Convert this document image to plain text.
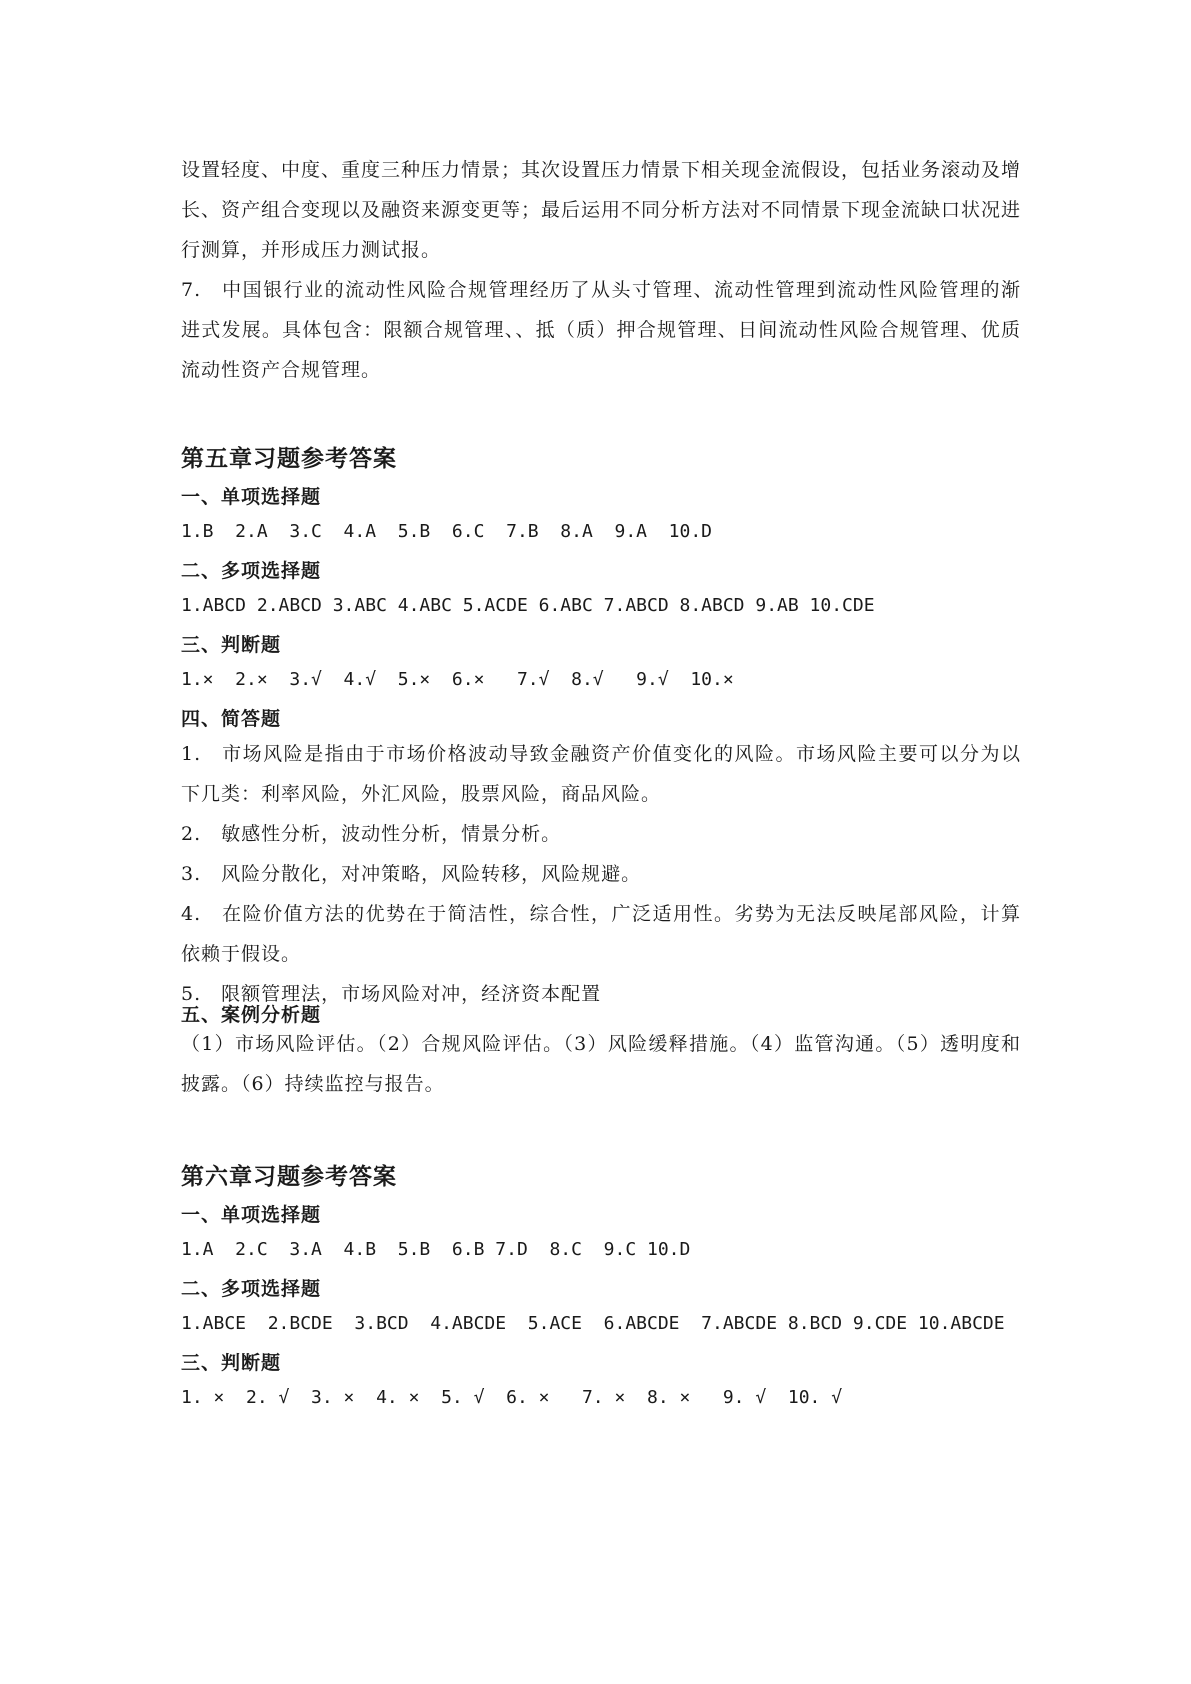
设置轻度、中度、重度三种压力情景；其次设置压力情景下相关现金流假设，包括业务滚动及增长、资产组合变现以及融资来源变更等；最后运用不同分析方法对不同情景下现金流缺口状况进行测算，并形成压力测试报。

7.　中国银行业的流动性风险合规管理经历了从头寸管理、流动性管理到流动性风险管理的渐进式发展。具体包含：限额合规管理、、抵（质）押合规管理、日间流动性风险合规管理、优质流动性资产合规管理。

第五章习题参考答案

一、单项选择题

1.B  2.A  3.C  4.A  5.B  6.C  7.B  8.A  9.A  10.D

二、多项选择题

1.ABCD 2.ABCD 3.ABC 4.ABC 5.ACDE 6.ABC 7.ABCD 8.ABCD 9.AB 10.CDE

三、判断题

1.×  2.×  3.√  4.√  5.×  6.×   7.√  8.√   9.√  10.×

四、简答题

1.　市场风险是指由于市场价格波动导致金融资产价值变化的风险。市场风险主要可以分为以下几类：利率风险，外汇风险，股票风险，商品风险。

2.　敏感性分析，波动性分析，情景分析。

3.　风险分散化，对冲策略，风险转移，风险规避。

4.　在险价值方法的优势在于简洁性，综合性，广泛适用性。劣势为无法反映尾部风险，计算依赖于假设。

5.　限额管理法，市场风险对冲，经济资本配置

五、案例分析题

（1）市场风险评估。（2）合规风险评估。（3）风险缓释措施。（4）监管沟通。（5）透明度和披露。（6）持续监控与报告。

第六章习题参考答案

一、单项选择题

1.A  2.C  3.A  4.B  5.B  6.B 7.D  8.C  9.C 10.D

二、多项选择题

1.ABCE  2.BCDE  3.BCD  4.ABCDE  5.ACE  6.ABCDE  7.ABCDE 8.BCD 9.CDE 10.ABCDE

三、判断题

1. ×  2. √  3. ×  4. ×  5. √  6. ×   7. ×  8. ×   9. √  10. √
